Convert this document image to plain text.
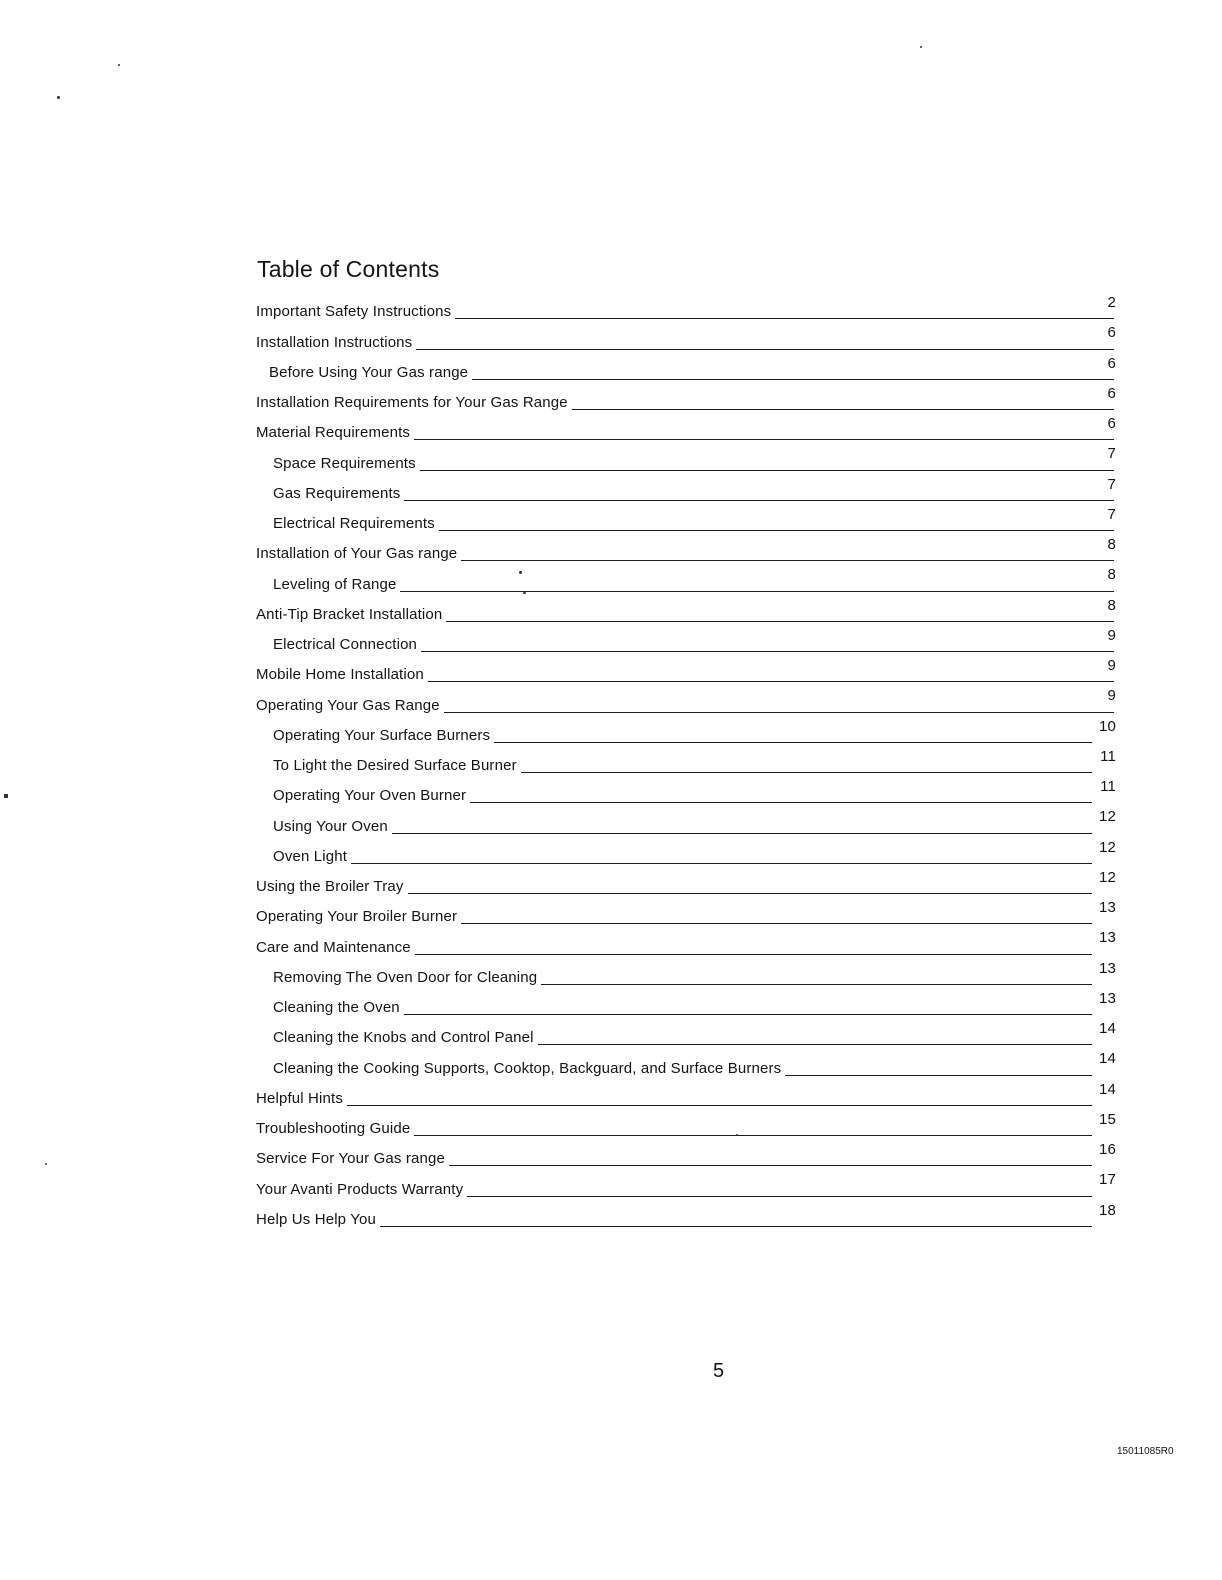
Table of Contents
Important Safety Instructions
2
Installation Instructions
6
Before Using Your Gas range
6
Installation Requirements for Your Gas Range
6
Material Requirements
6
Space Requirements
7
Gas Requirements
7
Electrical Requirements
7
Installation of Your Gas range
8
Leveling of Range
8
Anti-Tip Bracket Installation
8
Electrical Connection
9
Mobile Home Installation
9
Operating Your Gas Range
9
Operating Your Surface Burners
10
To Light the Desired Surface Burner
11
Operating Your Oven Burner
11
Using Your Oven
12
Oven Light
12
Using the Broiler Tray
12
Operating Your Broiler Burner
13
Care and Maintenance
13
Removing The Oven Door for Cleaning
13
Cleaning the Oven
13
Cleaning the Knobs and Control Panel
14
Cleaning the Cooking Supports, Cooktop, Backguard, and Surface Burners
14
Helpful Hints
14
Troubleshooting Guide
15
Service For Your Gas range
16
Your Avanti Products Warranty
17
Help Us Help You
18
5
15011085R0
